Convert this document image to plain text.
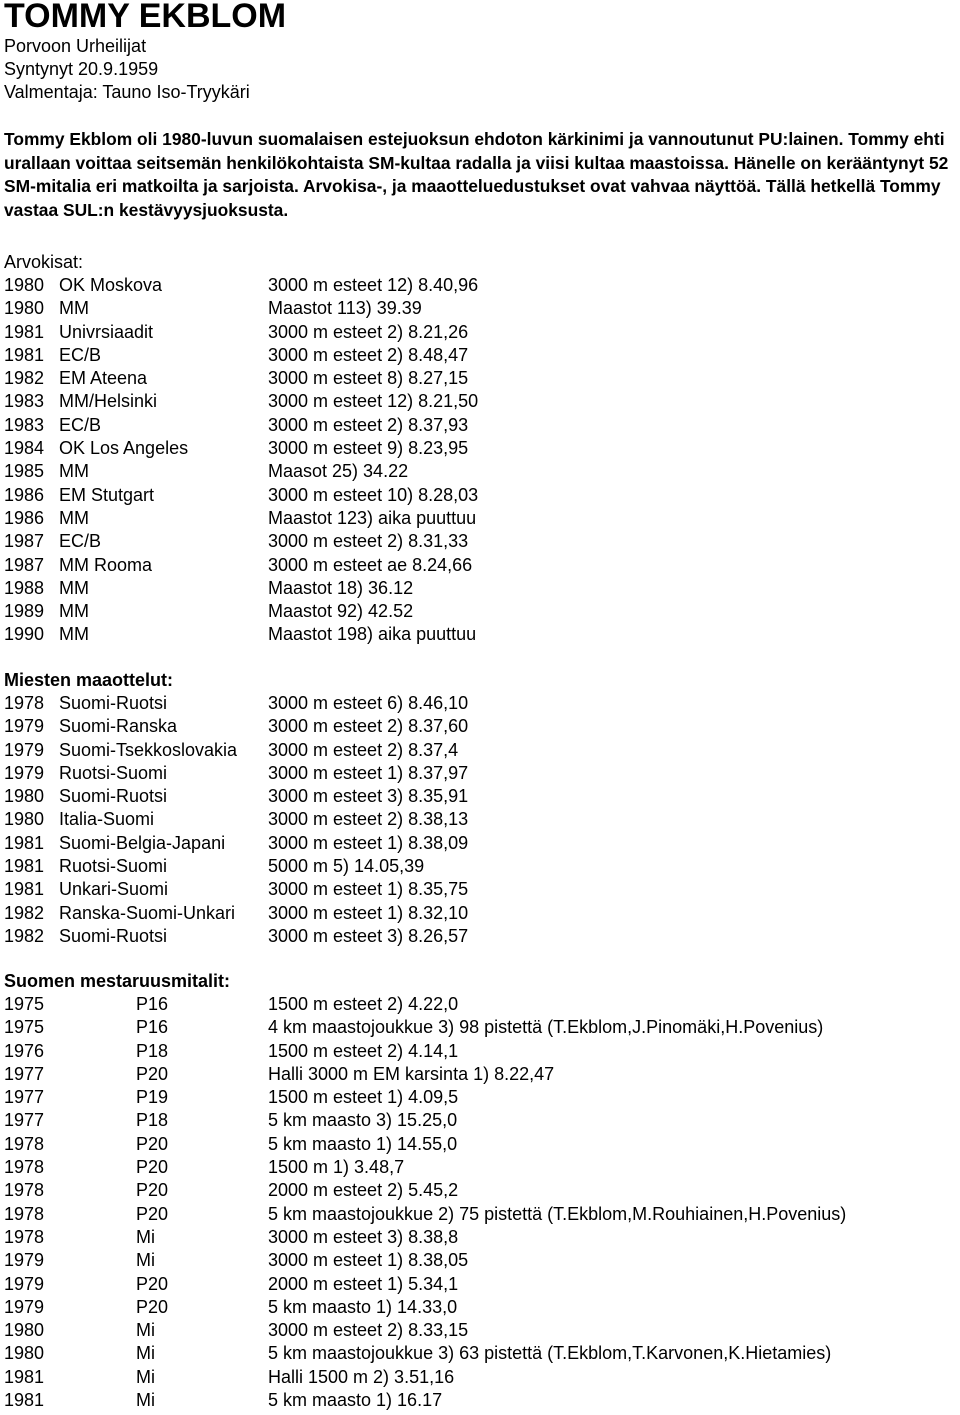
TOMMY EKBLOM
Porvoon Urheilijat
Syntynyt 20.9.1959
Valmentaja: Tauno Iso-Tryykäri
Tommy Ekblom oli 1980-luvun suomalaisen estejuoksun ehdoton kärkinimi ja vannoutunut PU:lainen. Tommy ehti urallaan voittaa seitsemän henkilökohtaista SM-kultaa radalla ja viisi kultaa maastoissa. Hänelle on kerääntynyt 52 SM-mitalia eri matkoilta ja sarjoista. Arvokisa-, ja maaotteluedustukset ovat vahvaa näyttöä. Tällä hetkellä Tommy vastaa SUL:n kestävyysjuoksusta.
Arvokisat:
1980 OK Moskova	3000 m esteet 12) 8.40,96
1980 MM	Maastot 113) 39.39
1981 Univrsiaadit	3000 m esteet 2) 8.21,26
1981 EC/B	3000 m esteet 2) 8.48,47
1982 EM Ateena	3000 m esteet 8) 8.27,15
1983 MM/Helsinki	3000 m esteet 12) 8.21,50
1983 EC/B	3000 m esteet 2) 8.37,93
1984 OK Los Angeles	3000 m esteet 9) 8.23,95
1985 MM	Maasot 25) 34.22
1986 EM Stutgart	3000 m esteet 10) 8.28,03
1986 MM	Maastot 123) aika puuttuu
1987 EC/B	3000 m esteet 2) 8.31,33
1987 MM Rooma	3000 m esteet ae 8.24,66
1988 MM	Maastot 18) 36.12
1989 MM	Maastot 92) 42.52
1990 MM	Maastot 198) aika puuttuu
Miesten maaottelut:
1978 Suomi-Ruotsi	3000 m esteet 6) 8.46,10
1979 Suomi-Ranska	3000 m esteet 2) 8.37,60
1979 Suomi-Tsekkoslovakia 3000 m esteet 2) 8.37,4
1979 Ruotsi-Suomi	3000 m esteet 1) 8.37,97
1980 Suomi-Ruotsi	3000 m esteet 3) 8.35,91
1980 Italia-Suomi	3000 m esteet 2) 8.38,13
1981 Suomi-Belgia-Japani 3000 m esteet 1) 8.38,09
1981 Ruotsi-Suomi	5000 m 5) 14.05,39
1981 Unkari-Suomi	3000 m esteet 1) 8.35,75
1982 Ranska-Suomi-Unkari 3000 m esteet 1) 8.32,10
1982 Suomi-Ruotsi	3000 m esteet 3) 8.26,57
Suomen mestaruusmitalit:
1975	P16	1500 m esteet 2) 4.22,0
1975	P16	4 km maastojoukkue 3) 98 pistettä (T.Ekblom,J.Pinomäki,H.Povenius)
1976	P18	1500 m esteet 2) 4.14,1
1977	P20	Halli 3000 m EM karsinta 1) 8.22,47
1977	P19	1500 m esteet 1) 4.09,5
1977	P18	5 km maasto 3) 15.25,0
1978	P20	5 km maasto 1) 14.55,0
1978	P20	1500 m 1) 3.48,7
1978	P20	2000 m esteet 2) 5.45,2
1978	P20	5 km maastojoukkue 2) 75 pistettä (T.Ekblom,M.Rouhiainen,H.Povenius)
1978	Mi	3000 m esteet 3) 8.38,8
1979	Mi	3000 m esteet 1) 8.38,05
1979	P20	2000 m esteet 1) 5.34,1
1979	P20	5 km maasto 1) 14.33,0
1980	Mi	3000 m esteet 2) 8.33,15
1980	Mi	5 km maastojoukkue 3) 63 pistettä (T.Ekblom,T.Karvonen,K.Hietamies)
1981	Mi	Halli 1500 m 2) 3.51,16
1981	Mi	5 km maasto 1) 16.17
